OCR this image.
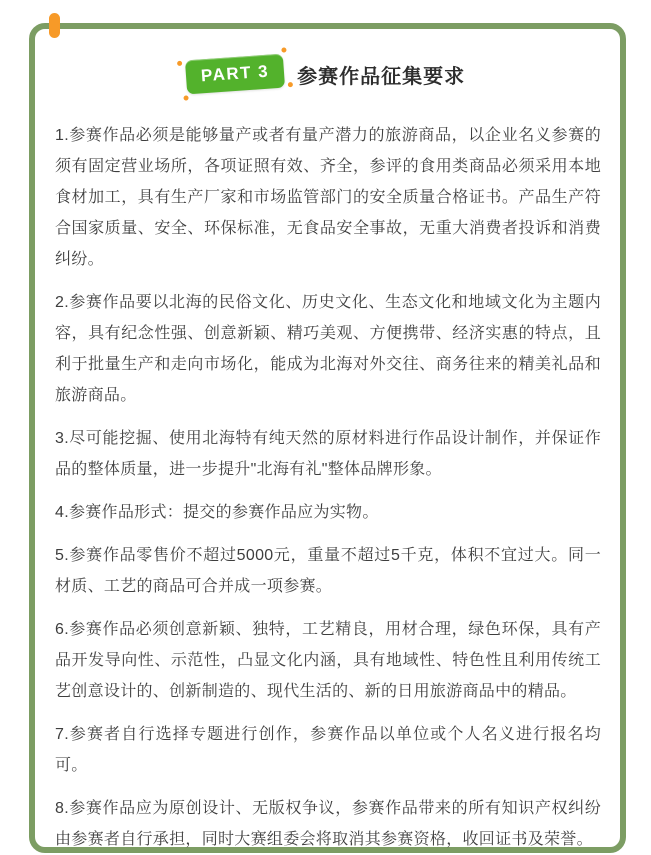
PART 3	参赛作品征集要求

1.参赛作品必须是能够量产或者有量产潜力的旅游商品，以企业名义参赛的须有固定营业场所，各项证照有效、齐全，参评的食用类商品必须采用本地食材加工，具有生产厂家和市场监管部门的安全质量合格证书。产品生产符合国家质量、安全、环保标准，无食品安全事故，无重大消费者投诉和消费纠纷。

2.参赛作品要以北海的民俗文化、历史文化、生态文化和地域文化为主题内容，具有纪念性强、创意新颖、精巧美观、方便携带、经济实惠的特点，且利于批量生产和走向市场化，能成为北海对外交往、商务往来的精美礼品和旅游商品。

3.尽可能挖掘、使用北海特有纯天然的原材料进行作品设计制作，并保证作品的整体质量，进一步提升"北海有礼"整体品牌形象。

4.参赛作品形式：提交的参赛作品应为实物。

5.参赛作品零售价不超过5000元，重量不超过5千克，体积不宜过大。同一材质、工艺的商品可合并成一项参赛。

6.参赛作品必须创意新颖、独特，工艺精良，用材合理，绿色环保，具有产品开发导向性、示范性，凸显文化内涵，具有地域性、特色性且利用传统工艺创意设计的、创新制造的、现代生活的、新的日用旅游商品中的精品。

7.参赛者自行选择专题进行创作，参赛作品以单位或个人名义进行报名均可。

8.参赛作品应为原创设计、无版权争议，参赛作品带来的所有知识产权纠纷由参赛者自行承担，同时大赛组委会将取消其参赛资格，收回证书及荣誉。
